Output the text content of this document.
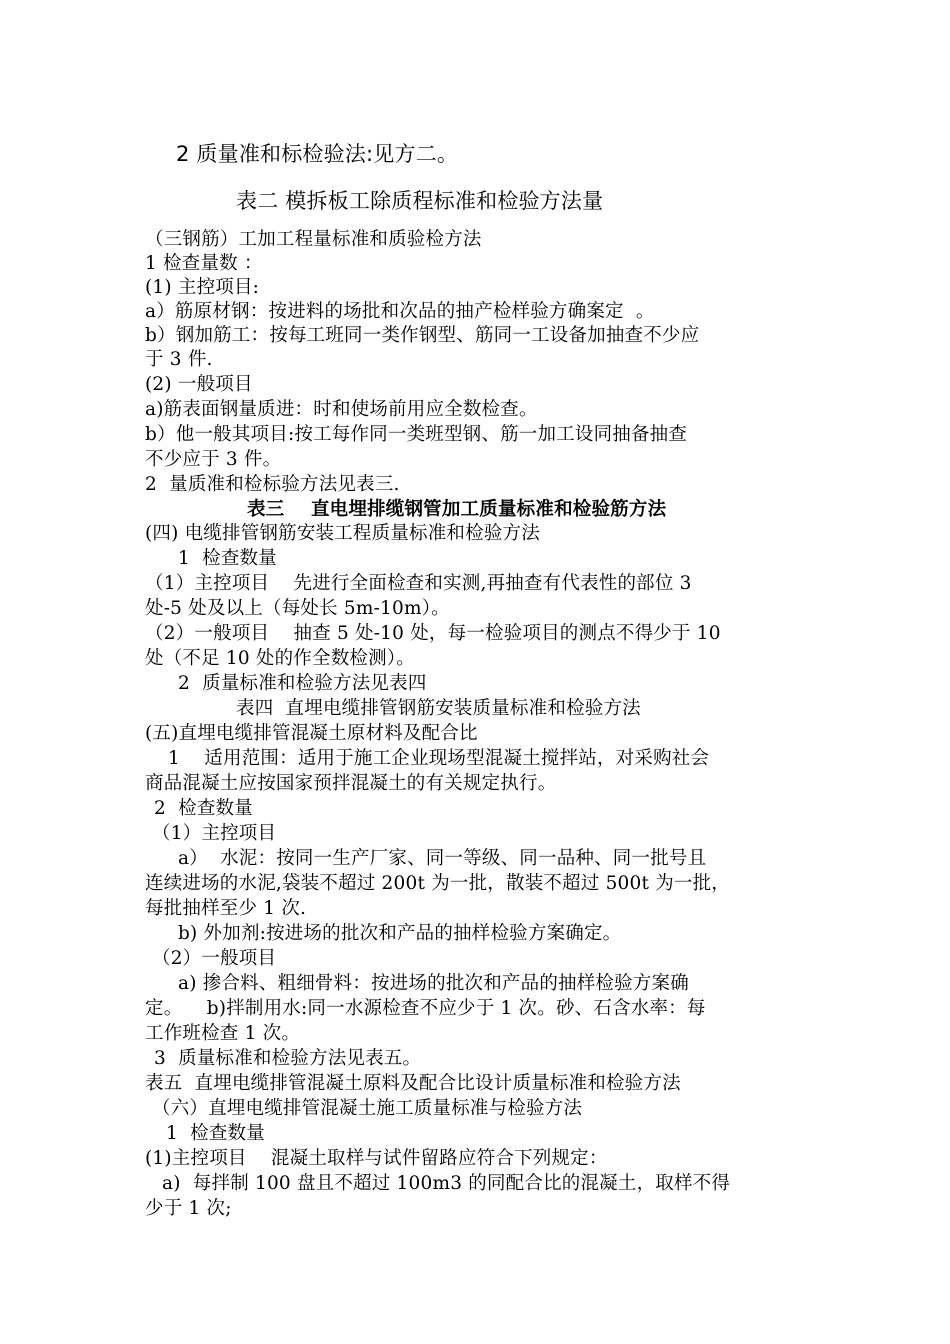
2 质量准和标检验法:见方二。
表二 模拆板工除质程标准和检验方法量
（三钢筋）工加工程量标准和质验检方法
1 检查量数 ：
(1) 主控项目:
a）筋原材钢：按进料的场批和次品的抽产检样验方确案定  。
b）钢加筋工：按每工班同一类作钢型、筋同一工设备加抽查不少应
于 3 件.
(2) 一般项目
a)筋表面钢量质进：时和使场前用应全数检查。
b）他一般其项目:按工每作同一类班型钢、筋一加工设同抽备抽查
不少应于 3 件。
2  量质准和检标验方法见表三.
表三    直电埋排缆钢管加工质量标准和检验筋方法
(四) 电缆排管钢筋安装工程质量标准和检验方法
1  检查数量
（1）主控项目    先进行全面检查和实测,再抽查有代表性的部位 3
处-5 处及以上（每处长 5m-10m）。
（2）一般项目    抽查 5 处-10 处，每一检验项目的测点不得少于 10
处（不足 10 处的作全数检测）。
2  质量标准和检验方法见表四
表四  直埋电缆排管钢筋安装质量标准和检验方法
(五)直埋电缆排管混凝土原材料及配合比
1    适用范围：适用于施工企业现场型混凝土搅拌站，对采购社会
商品混凝土应按国家预拌混凝土的有关规定执行。
2  检查数量
（1）主控项目
a）  水泥：按同一生产厂家、同一等级、同一品种、同一批号且
连续进场的水泥,袋装不超过 200t 为一批，散装不超过 500t 为一批，
每批抽样至少 1 次.
b) 外加剂:按进场的批次和产品的抽样检验方案确定。
（2）一般项目
a) 掺合料、粗细骨料：按进场的批次和产品的抽样检验方案确
定。    b)拌制用水:同一水源检查不应少于 1 次。砂、石含水率：每
工作班检查 1 次。
3  质量标准和检验方法见表五。
表五  直埋电缆排管混凝土原料及配合比设计质量标准和检验方法
（六）直埋电缆排管混凝土施工质量标准与检验方法
1  检查数量
(1)主控项目    混凝土取样与试件留路应符合下列规定：
a)  每拌制 100 盘且不超过 100m3 的同配合比的混凝土，取样不得
少于 1 次;
